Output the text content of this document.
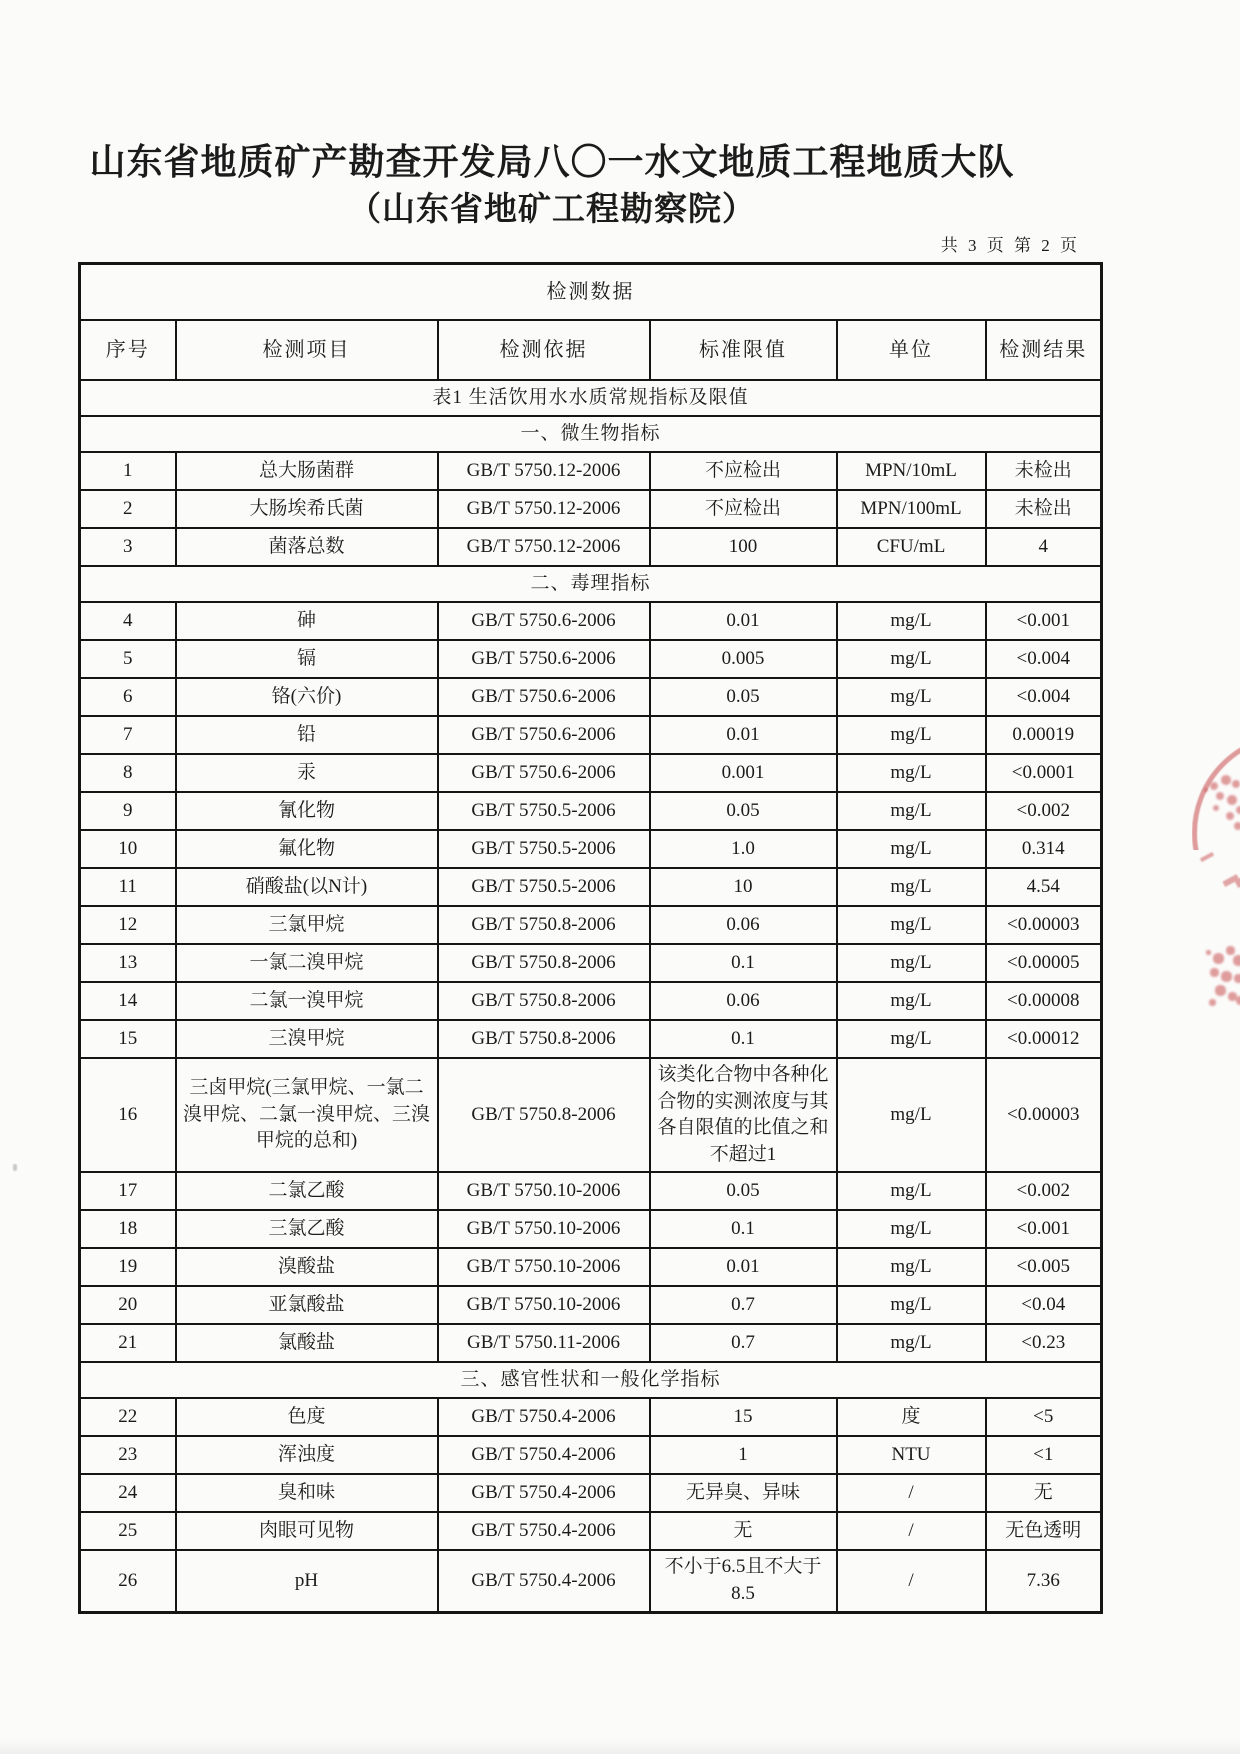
山东省地质矿产勘查开发局八〇一水文地质工程地质大队
（山东省地矿工程勘察院）
共 3 页 第 2 页
检测数据					
序号	检测项目	检测依据	标准限值	单位	检测结果
表1 生活饮用水水质常规指标及限值					
一、微生物指标					
1	总大肠菌群	GB/T 5750.12-2006	不应检出	MPN/10mL	未检出
2	大肠埃希氏菌	GB/T 5750.12-2006	不应检出	MPN/100mL	未检出
3	菌落总数	GB/T 5750.12-2006	100	CFU/mL	4
二、毒理指标					
4	砷	GB/T 5750.6-2006	0.01	mg/L	<0.001
5	镉	GB/T 5750.6-2006	0.005	mg/L	<0.004
6	铬(六价)	GB/T 5750.6-2006	0.05	mg/L	<0.004
7	铅	GB/T 5750.6-2006	0.01	mg/L	0.00019
8	汞	GB/T 5750.6-2006	0.001	mg/L	<0.0001
9	氰化物	GB/T 5750.5-2006	0.05	mg/L	<0.002
10	氟化物	GB/T 5750.5-2006	1.0	mg/L	0.314
11	硝酸盐(以N计)	GB/T 5750.5-2006	10	mg/L	4.54
12	三氯甲烷	GB/T 5750.8-2006	0.06	mg/L	<0.00003
13	一氯二溴甲烷	GB/T 5750.8-2006	0.1	mg/L	<0.00005
14	二氯一溴甲烷	GB/T 5750.8-2006	0.06	mg/L	<0.00008
15	三溴甲烷	GB/T 5750.8-2006	0.1	mg/L	<0.00012
16	三卤甲烷(三氯甲烷、一氯二溴甲烷、二氯一溴甲烷、三溴甲烷的总和)	GB/T 5750.8-2006	该类化合物中各种化合物的实测浓度与其各自限值的比值之和不超过1	mg/L	<0.00003
17	二氯乙酸	GB/T 5750.10-2006	0.05	mg/L	<0.002
18	三氯乙酸	GB/T 5750.10-2006	0.1	mg/L	<0.001
19	溴酸盐	GB/T 5750.10-2006	0.01	mg/L	<0.005
20	亚氯酸盐	GB/T 5750.10-2006	0.7	mg/L	<0.04
21	氯酸盐	GB/T 5750.11-2006	0.7	mg/L	<0.23
三、感官性状和一般化学指标					
22	色度	GB/T 5750.4-2006	15	度	<5
23	浑浊度	GB/T 5750.4-2006	1	NTU	<1
24	臭和味	GB/T 5750.4-2006	无异臭、异味	/	无
25	肉眼可见物	GB/T 5750.4-2006	无	/	无色透明
26	pH	GB/T 5750.4-2006	不小于6.5且不大于8.5	/	7.36
